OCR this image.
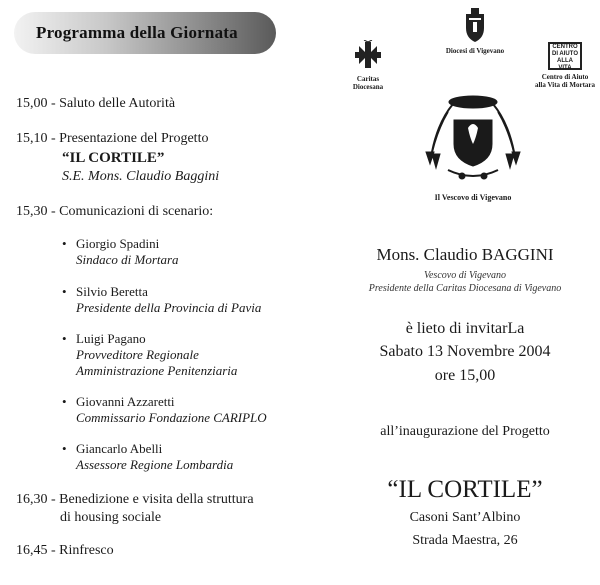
Programma della Giornata
15,00 - Saluto delle Autorità
15,10 - Presentazione del Progetto
“IL CORTILE”
S.E. Mons. Claudio Baggini
15,30 - Comunicazioni di scenario:
• Giorgio Spadini
Sindaco di Mortara
• Silvio Beretta
Presidente della Provincia di Pavia
• Luigi Pagano
Provveditore Regionale
Amministrazione Penitenziaria
• Giovanni Azzaretti
Commissario Fondazione CARIPLO
• Giancarlo Abelli
Assessore Regione Lombardia
16,30 - Benedizione e visita della struttura
di housing sociale
16,45 - Rinfresco
Caritas
Diocesana
Diocesi di Vigevano	CENTRO
DI AIUTO
ALLA VITA
Centro di Aiuto
alla Vita di Mortara
Il Vescovo di Vigevano
Mons. Claudio BAGGINI
Vescovo di Vigevano
Presidente della Caritas Diocesana di Vigevano
è lieto di invitarLa
Sabato 13 Novembre 2004
ore 15,00
all’inaugurazione del Progetto
“IL CORTILE”
Casoni Sant’Albino
Strada Maestra, 26
